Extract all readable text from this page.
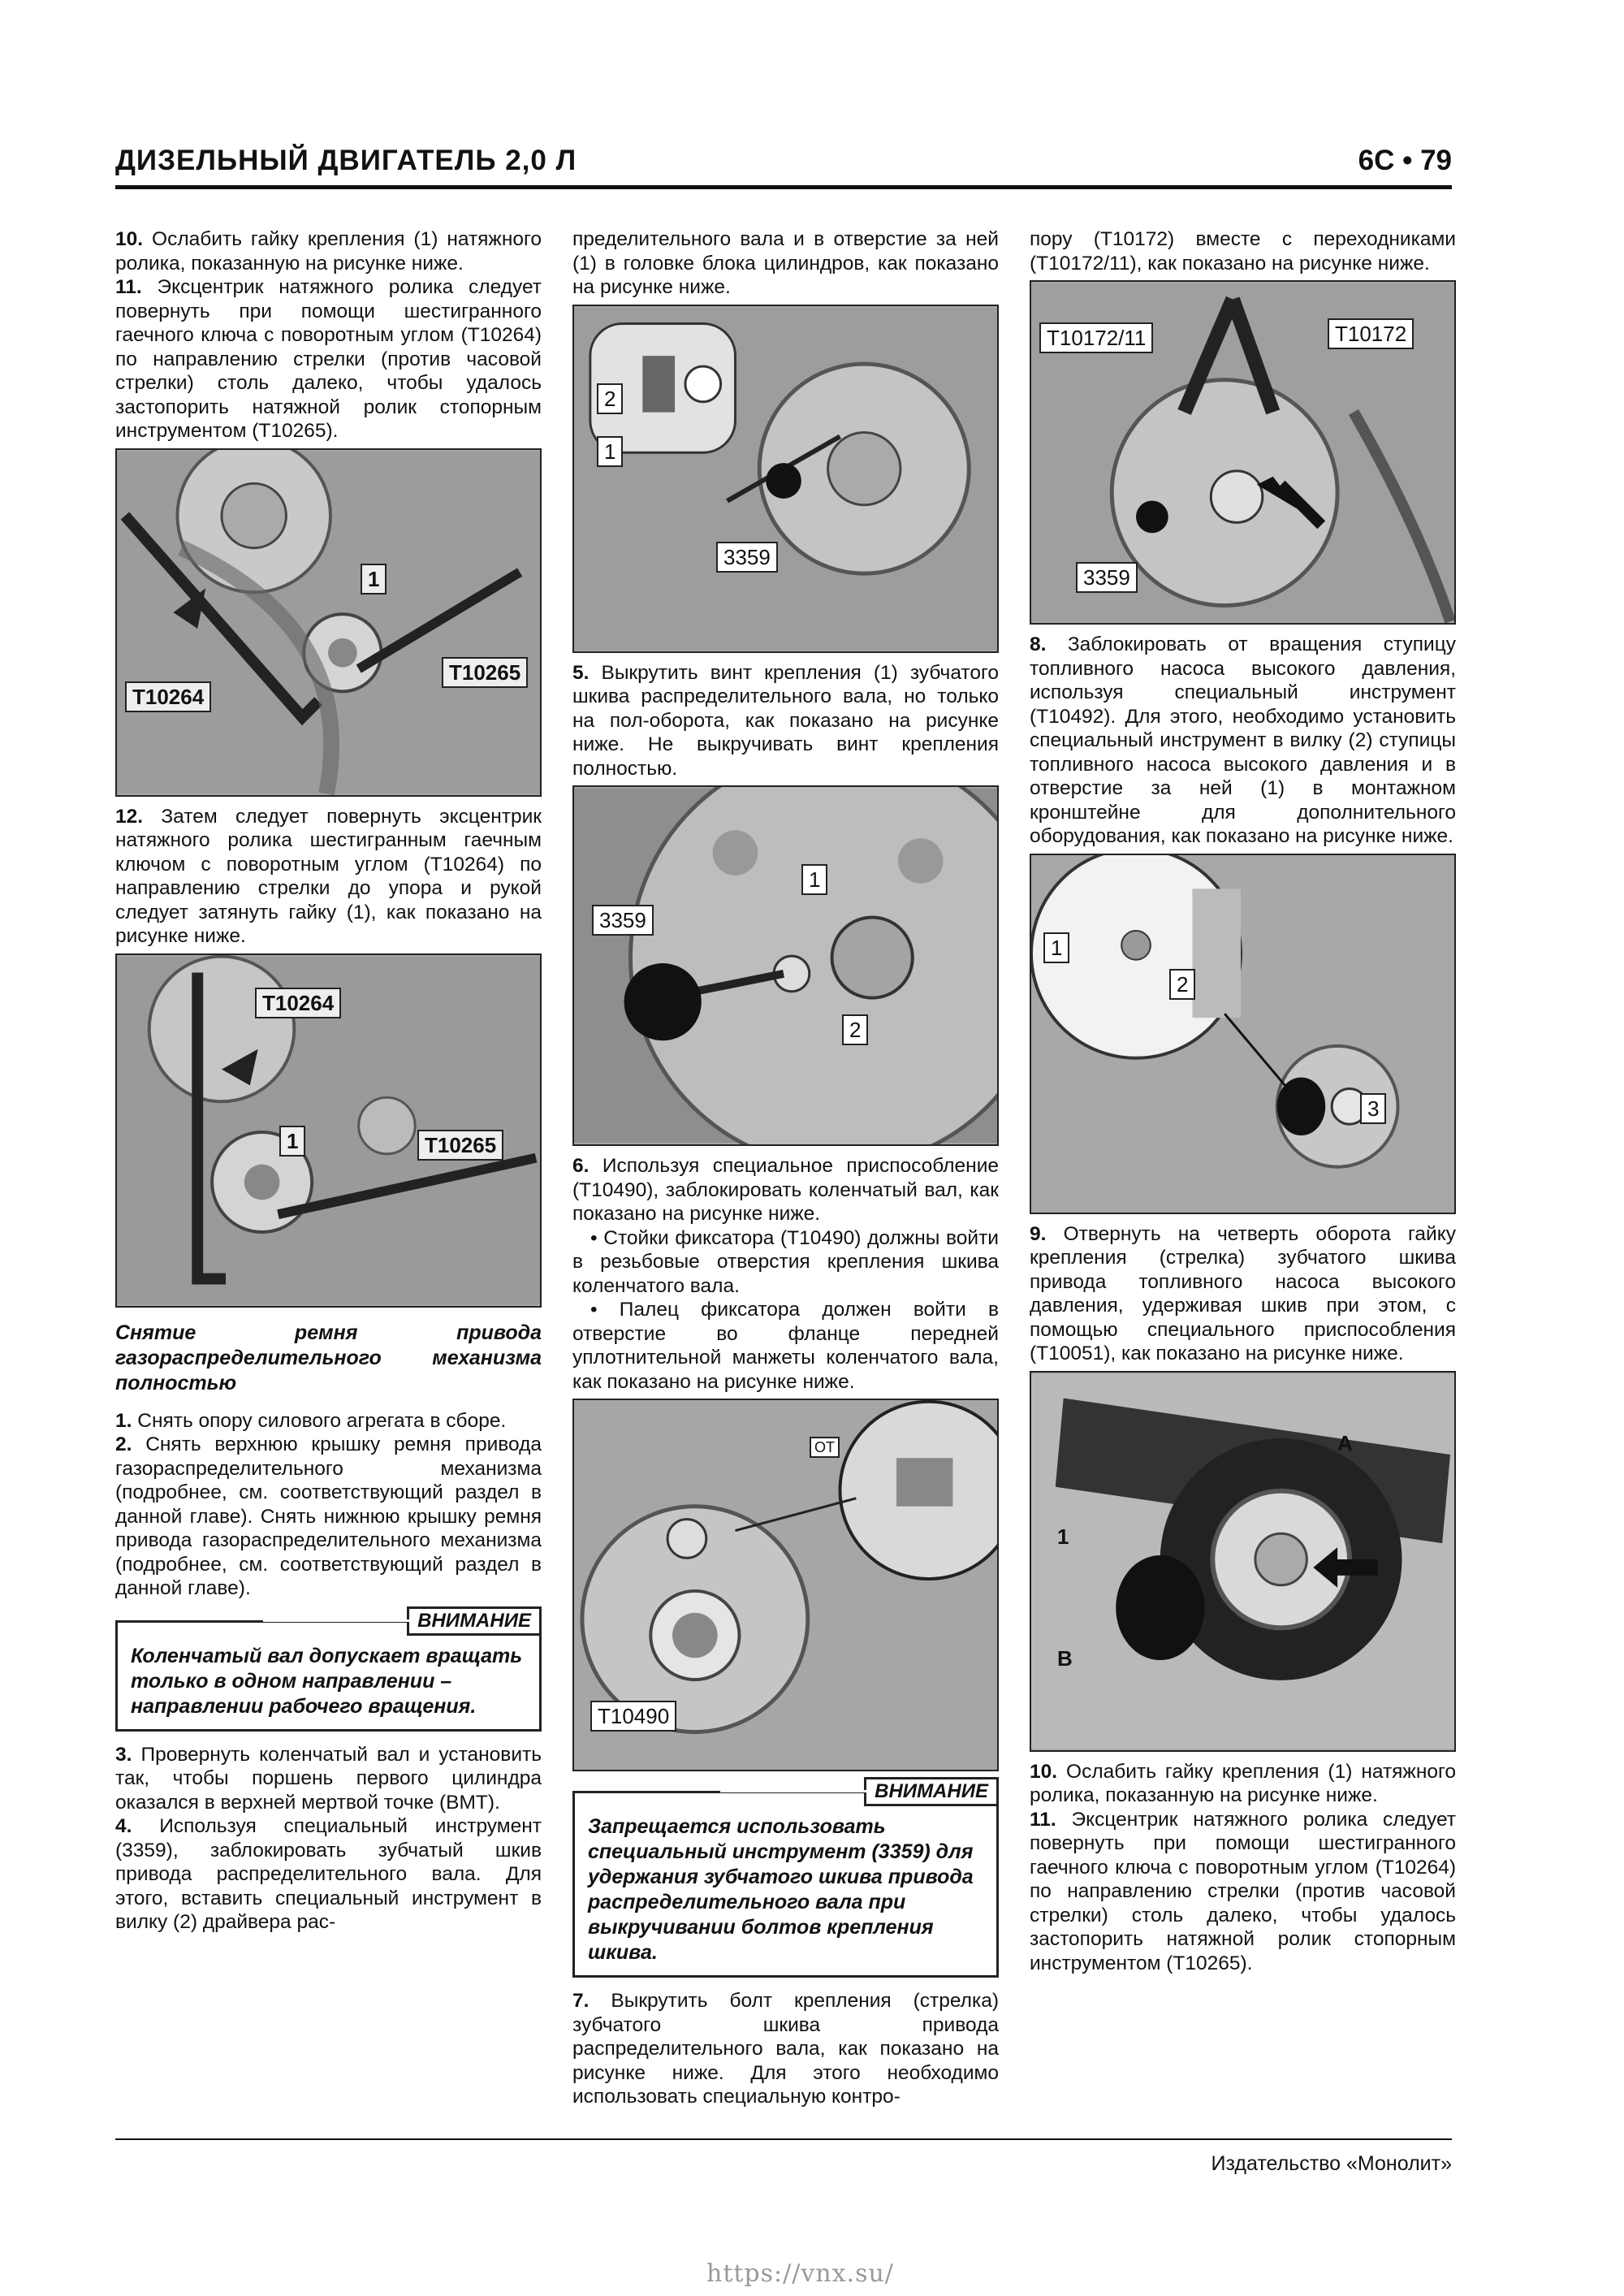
ДИЗЕЛЬНЫЙ ДВИГАТЕЛЬ 2,0 Л	6C • 79

10. Ослабить гайку крепления (1) натяжного ролика, показанную на рисунке ниже.

11. Эксцентрик натяжного ролика следует повернуть при помощи шестигранного гаечного ключа с поворотным углом (T10264) по направлению стрелки (против часовой стрелки) столь далеко, чтобы удалось застопорить натяжной ролик стопорным инструментом (T10265).

1
T10265
T10264

12. Затем следует повернуть эксцентрик натяжного ролика шестигранным гаечным ключом с поворотным углом (T10264) по направлению стрелки до упора и рукой следует затянуть гайку (1), как показано на рисунке ниже.

T10264
1	T10265
Снятие ремня привода газораспределительного механизма полностью

1. Снять опору силового агрегата в сборе.

2. Снять верхнюю крышку ремня привода газораспределительного механизма (подробнее, см. соответствующий раздел в данной главе). Снять нижнюю крышку ремня привода газораспределительного механизма (подробнее, см. соответствующий раздел в данной главе).

ВНИМАНИЕ
Коленчатый вал допускает вращать только в одном направлении – направлении рабочего вращения.

3. Провернуть коленчатый вал и установить так, чтобы поршень первого цилиндра оказался в верхней мертвой точке (ВМТ).

4. Используя специальный инструмент (3359), заблокировать зубчатый шкив привода распределительного вала. Для этого, вставить специальный инструмент в вилку (2) драйвера рас-

пределительного вала и в отверстие за ней (1) в головке блока цилиндров, как показано на рисунке ниже.

2
1
3359

5. Выкрутить винт крепления (1) зубчатого шкива распределительного вала, но только на пол-оборота, как показано на рисунке ниже. Не выкручивать винт крепления полностью.

3359
1
2

6. Используя специальное приспособление (T10490), заблокировать коленчатый вал, как показано на рисунке ниже.

• Стойки фиксатора (T10490) должны войти в резьбовые отверстия крепления шкива коленчатого вала.

• Палец фиксатора должен войти в отверстие во фланце передней уплотнительной манжеты коленчатого вала, как показано на рисунке ниже.

T10490
OT
ВНИМАНИЕ
Запрещается использовать специальный инструмент (3359) для удержания зубчатого шкива привода распределительного вала при выкручивании болтов крепления шкива.

7. Выкрутить болт крепления (стрелка) зубчатого шкива привода распределительного вала, как показано на рисунке ниже. Для этого необходимо использовать специальную контро-

пору (T10172) вместе с переходниками (T10172/11), как показано на рисунке ниже.

T10172/11	T10172
3359

8. Заблокировать от вращения ступицу топливного насоса высокого давления, используя специальный инструмент (T10492). Для этого, необходимо установить специальный инструмент в вилку (2) ступицы топливного насоса высокого давления и в отверстие за ней (1) в монтажном кронштейне для дополнительного оборудования, как показано на рисунке ниже.

1
2
3

9. Отвернуть на четверть оборота гайку крепления (стрелка) зубчатого шкива привода топливного насоса высокого давления, удерживая шкив при этом, с помощью специального приспособления (T10051), как показано на рисунке ниже.

A
1
B

10. Ослабить гайку крепления (1) натяжного ролика, показанную на рисунке ниже.

11. Эксцентрик натяжного ролика следует повернуть при помощи шестигранного гаечного ключа с поворотным углом (T10264) по направлению стрелки (против часовой стрелки) столь далеко, чтобы удалось застопорить натяжной ролик стопорным инструментом (T10265).

Издательство «Монолит»
https://vnx.su/
